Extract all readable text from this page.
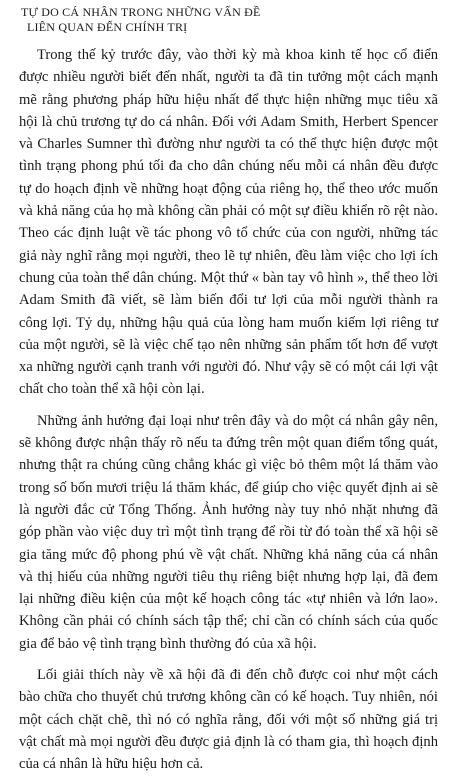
TỰ DO CÁ NHÂN TRONG NHỮNG VẤN ĐỀ
LIÊN QUAN ĐẾN CHÍNH TRỊ

Trong thế kỷ trước đây, vào thời kỳ mà khoa kinh tế học cổ điển được nhiều người biết đến nhất, người ta đã tin tưởng một cách mạnh mẽ rằng phương pháp hữu hiệu nhất để thực hiện những mục tiêu xã hội là chủ trương tự do cá nhân. Đối với Adam Smith, Herbert Spencer và Charles Sumner thì đường như người ta có thể thực hiện được một tình trạng phong phú tối đa cho dân chúng nếu mỗi cá nhân đều được tự do hoạch định về những hoạt động của riêng họ, thể theo ước muốn và khả năng của họ mà không cần phải có một sự điều khiển rõ rệt nào. Theo các định luật về tác phong vô tổ chức của con người, những tác giả này nghĩ rằng mọi người, theo lẽ tự nhiên, đều làm việc cho lợi ích chung của toàn thể dân chúng. Một thứ « bàn tay vô hình », thể theo lời Adam Smith đã viết, sẽ làm biến đổi tư lợi của mỗi người thành ra công lợi. Tỷ dụ, những hậu quả của lòng ham muốn kiếm lợi riêng tư của một người, sẽ là việc chế tạo nên những sản phẩm tốt hơn để vượt xa những người cạnh tranh với người đó. Như vậy sẽ có một cái lợi vật chất cho toàn thể xã hội còn lại.

Những ảnh hưởng đại loại như trên đây và do một cá nhân gây nên, sẽ không được nhận thấy rõ nếu ta đứng trên một quan điểm tổng quát, nhưng thật ra chúng cũng chẳng khác gì việc bỏ thêm một lá thăm vào trong số bốn mươi triệu lá thăm khác, để giúp cho việc quyết định ai sẽ là người đắc cử Tổng Thống. Ảnh hưởng này tuy nhỏ nhặt nhưng đã góp phần vào việc duy trì một tình trạng để rồi từ đó toàn thể xã hội sẽ gia tăng mức độ phong phú về vật chất. Những khả năng của cá nhân và thị hiếu của những người tiêu thụ riêng biệt nhưng hợp lại, đã đem lại những điều kiện của một kế hoạch công tác «tự nhiên và lớn lao». Không cần phải có chính sách tập thể; chỉ cần có chính sách của quốc gia để bảo vệ tình trạng bình thường đó của xã hội.

Lối giải thích này về xã hội đã đi đến chỗ được coi như một cách bào chữa cho thuyết chủ trương không cần có kế hoạch. Tuy nhiên, nói một cách chặt chẽ, thì nó có nghĩa rằng, đối với một số những giá trị vật chất mà mọi người đều được giả định là có tham gia, thì hoạch định của cá nhân là hữu hiệu hơn cả.
